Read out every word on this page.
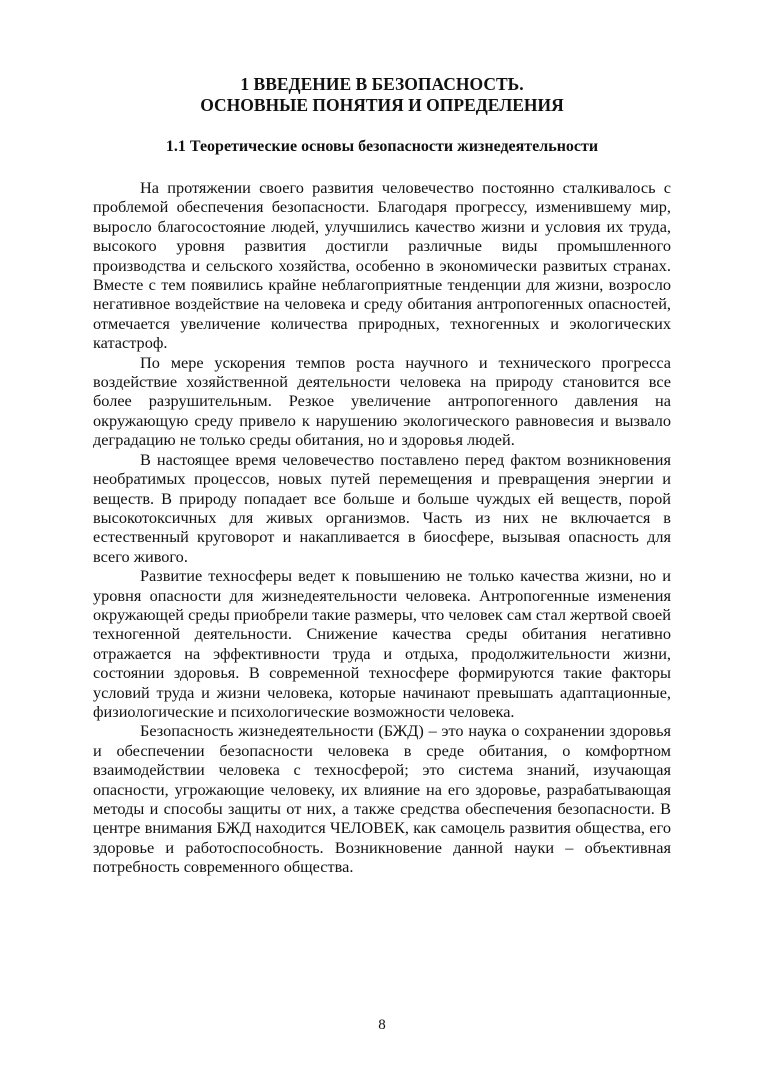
1 ВВЕДЕНИЕ В БЕЗОПАСНОСТЬ.
ОСНОВНЫЕ ПОНЯТИЯ И ОПРЕДЕЛЕНИЯ
1.1 Теоретические основы безопасности жизнедеятельности

На протяжении своего развития человечество постоянно сталкивалось с проблемой обеспечения безопасности. Благодаря прогрессу, изменившему мир, выросло благосостояние людей, улучшились качество жизни и условия их труда, высокого уровня развития достигли различные виды промышленного производства и сельского хозяйства, особенно в экономически развитых странах. Вместе с тем появились крайне неблагоприятные тенденции для жизни, возросло негативное воздействие на человека и среду обитания антропогенных опасностей, отмечается увеличение количества природных, техногенных и экологических катастроф.

По мере ускорения темпов роста научного и технического прогресса воздействие хозяйственной деятельности человека на природу становится все более разрушительным. Резкое увеличение антропогенного давления на окружающую среду привело к нарушению экологического равновесия и вызвало деградацию не только среды обитания, но и здоровья людей.

В настоящее время человечество поставлено перед фактом возникновения необратимых процессов, новых путей перемещения и превращения энергии и веществ. В природу попадает все больше и больше чуждых ей веществ, порой высокотоксичных для живых организмов. Часть из них не включается в естественный круговорот и накапливается в биосфере, вызывая опасность для всего живого.

Развитие техносферы ведет к повышению не только качества жизни, но и уровня опасности для жизнедеятельности человека. Антропогенные изменения окружающей среды приобрели такие размеры, что человек сам стал жертвой своей техногенной деятельности. Снижение качества среды обитания негативно отражается на эффективности труда и отдыха, продолжительности жизни, состоянии здоровья. В современной техносфере формируются такие факторы условий труда и жизни человека, которые начинают превышать адаптационные, физиологические и психологические возможности человека.

Безопасность жизнедеятельности (БЖД) – это наука о сохранении здоровья и обеспечении безопасности человека в среде обитания, о комфортном взаимодействии человека с техносферой; это система знаний, изучающая опасности, угрожающие человеку, их влияние на его здоровье, разрабатывающая методы и способы защиты от них, а также средства обеспечения безопасности. В центре внимания БЖД находится ЧЕЛОВЕК, как самоцель развития общества, его здоровье и работоспособность. Возникновение данной науки – объективная потребность современного общества.

8
